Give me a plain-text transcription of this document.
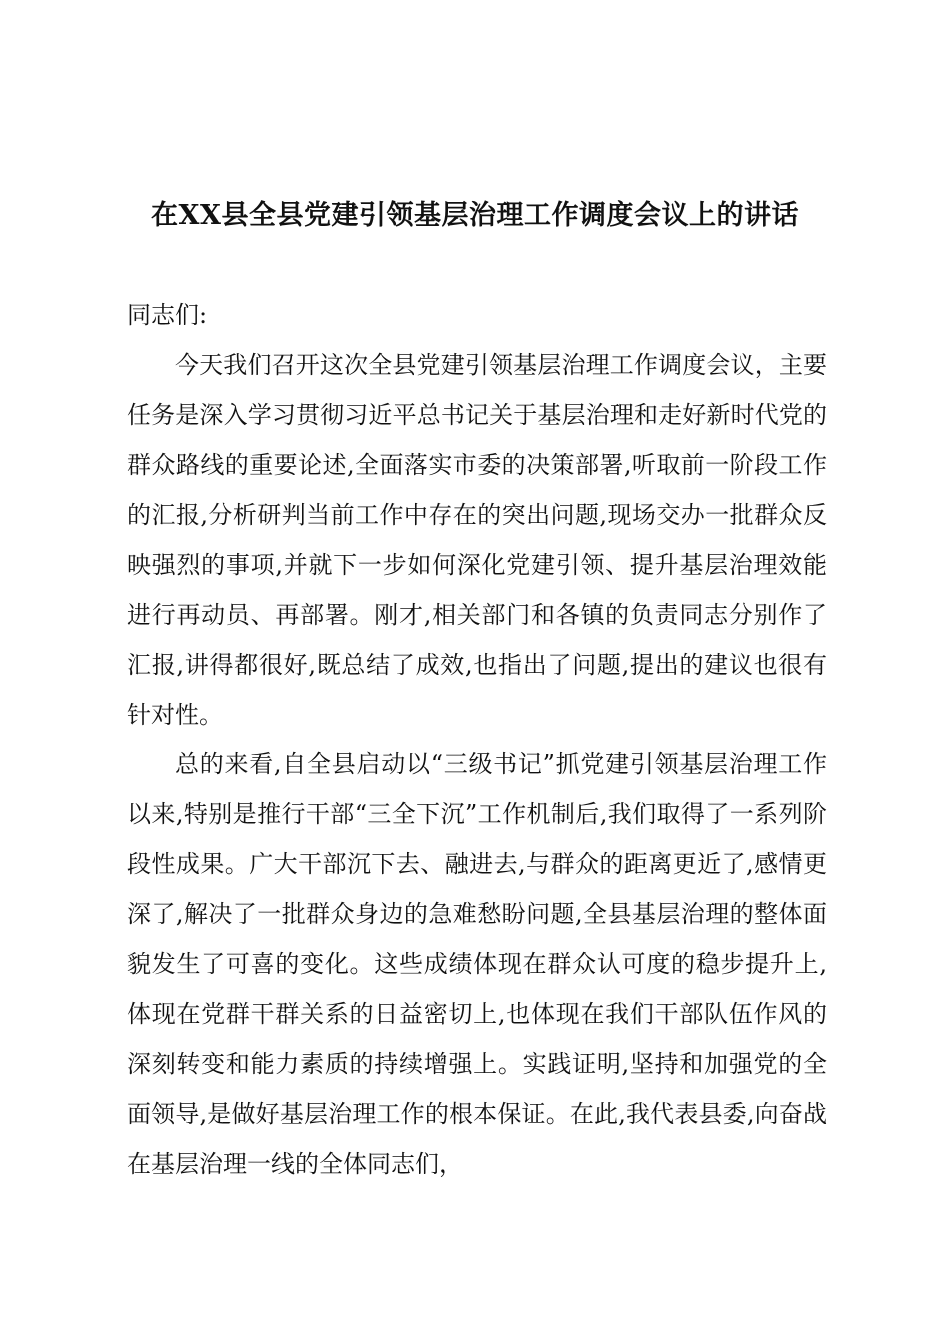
在XX县全县党建引领基层治理工作调度会议上的讲话
同志们:

今天我们召开这次全县党建引领基层治理工作调度会议，主要任务是深入学习贯彻习近平总书记关于基层治理和走好新时代党的群众路线的重要论述,全面落实市委的决策部署,听取前一阶段工作的汇报,分析研判当前工作中存在的突出问题,现场交办一批群众反映强烈的事项,并就下一步如何深化党建引领、提升基层治理效能进行再动员、再部署。刚才,相关部门和各镇的负责同志分别作了汇报,讲得都很好,既总结了成效,也指出了问题,提出的建议也很有针对性。

总的来看,自全县启动以“三级书记”抓党建引领基层治理工作以来,特别是推行干部“三全下沉”工作机制后,我们取得了一系列阶段性成果。广大干部沉下去、融进去,与群众的距离更近了,感情更深了,解决了一批群众身边的急难愁盼问题,全县基层治理的整体面貌发生了可喜的变化。这些成绩体现在群众认可度的稳步提升上,体现在党群干群关系的日益密切上,也体现在我们干部队伍作风的深刻转变和能力素质的持续增强上。实践证明,坚持和加强党的全面领导,是做好基层治理工作的根本保证。在此,我代表县委,向奋战在基层治理一线的全体同志们，
